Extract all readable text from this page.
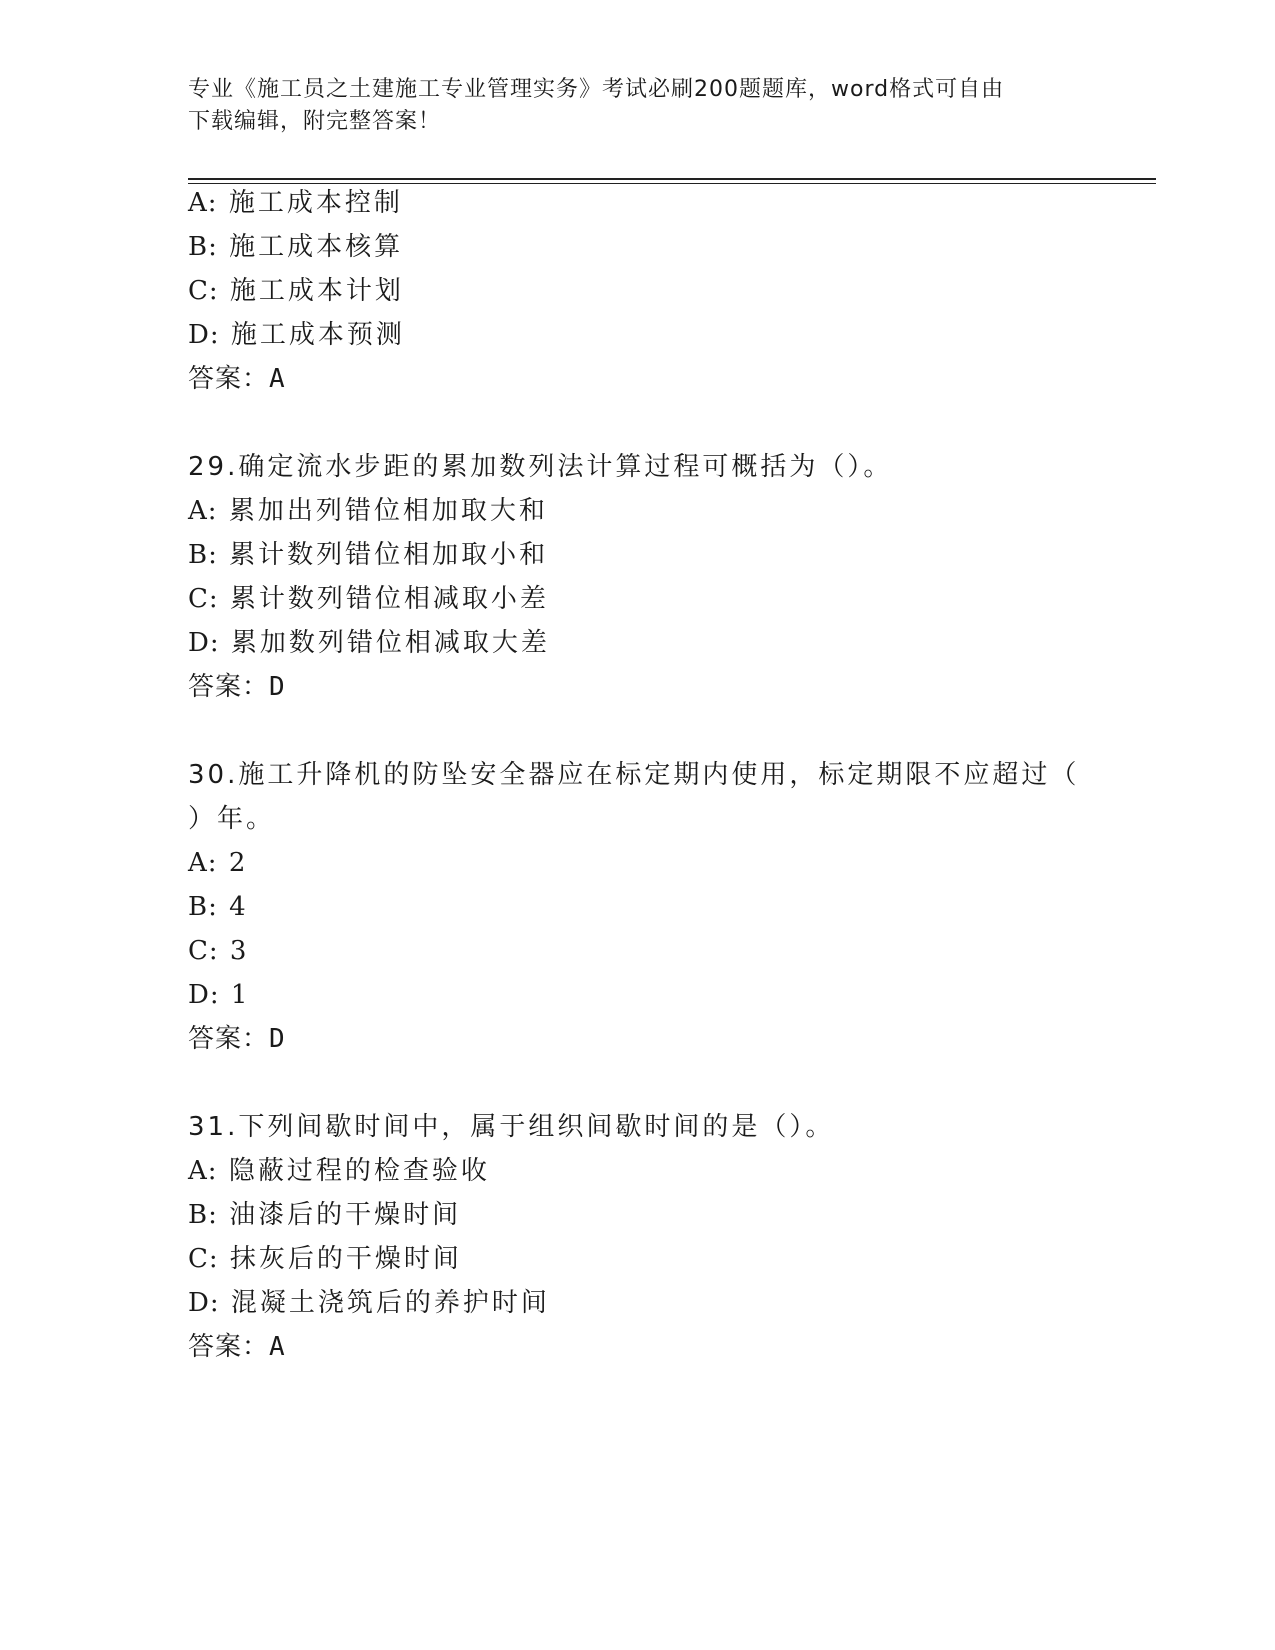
专业《施工员之土建施工专业管理实务》考试必刷200题题库，word格式可自由
下载编辑，附完整答案！
A: 施工成本控制
B: 施工成本核算
C: 施工成本计划
D: 施工成本预测
答案：A
29.确定流水步距的累加数列法计算过程可概括为（）。
A: 累加出列错位相加取大和
B: 累计数列错位相加取小和
C: 累计数列错位相减取小差
D: 累加数列错位相减取大差
答案：D
30.施工升降机的防坠安全器应在标定期内使用，标定期限不应超过（
）年。
A: 2
B: 4
C: 3
D: 1
答案：D
31.下列间歇时间中，属于组织间歇时间的是（）。
A: 隐蔽过程的检查验收
B: 油漆后的干燥时间
C: 抹灰后的干燥时间
D: 混凝土浇筑后的养护时间
答案：A
